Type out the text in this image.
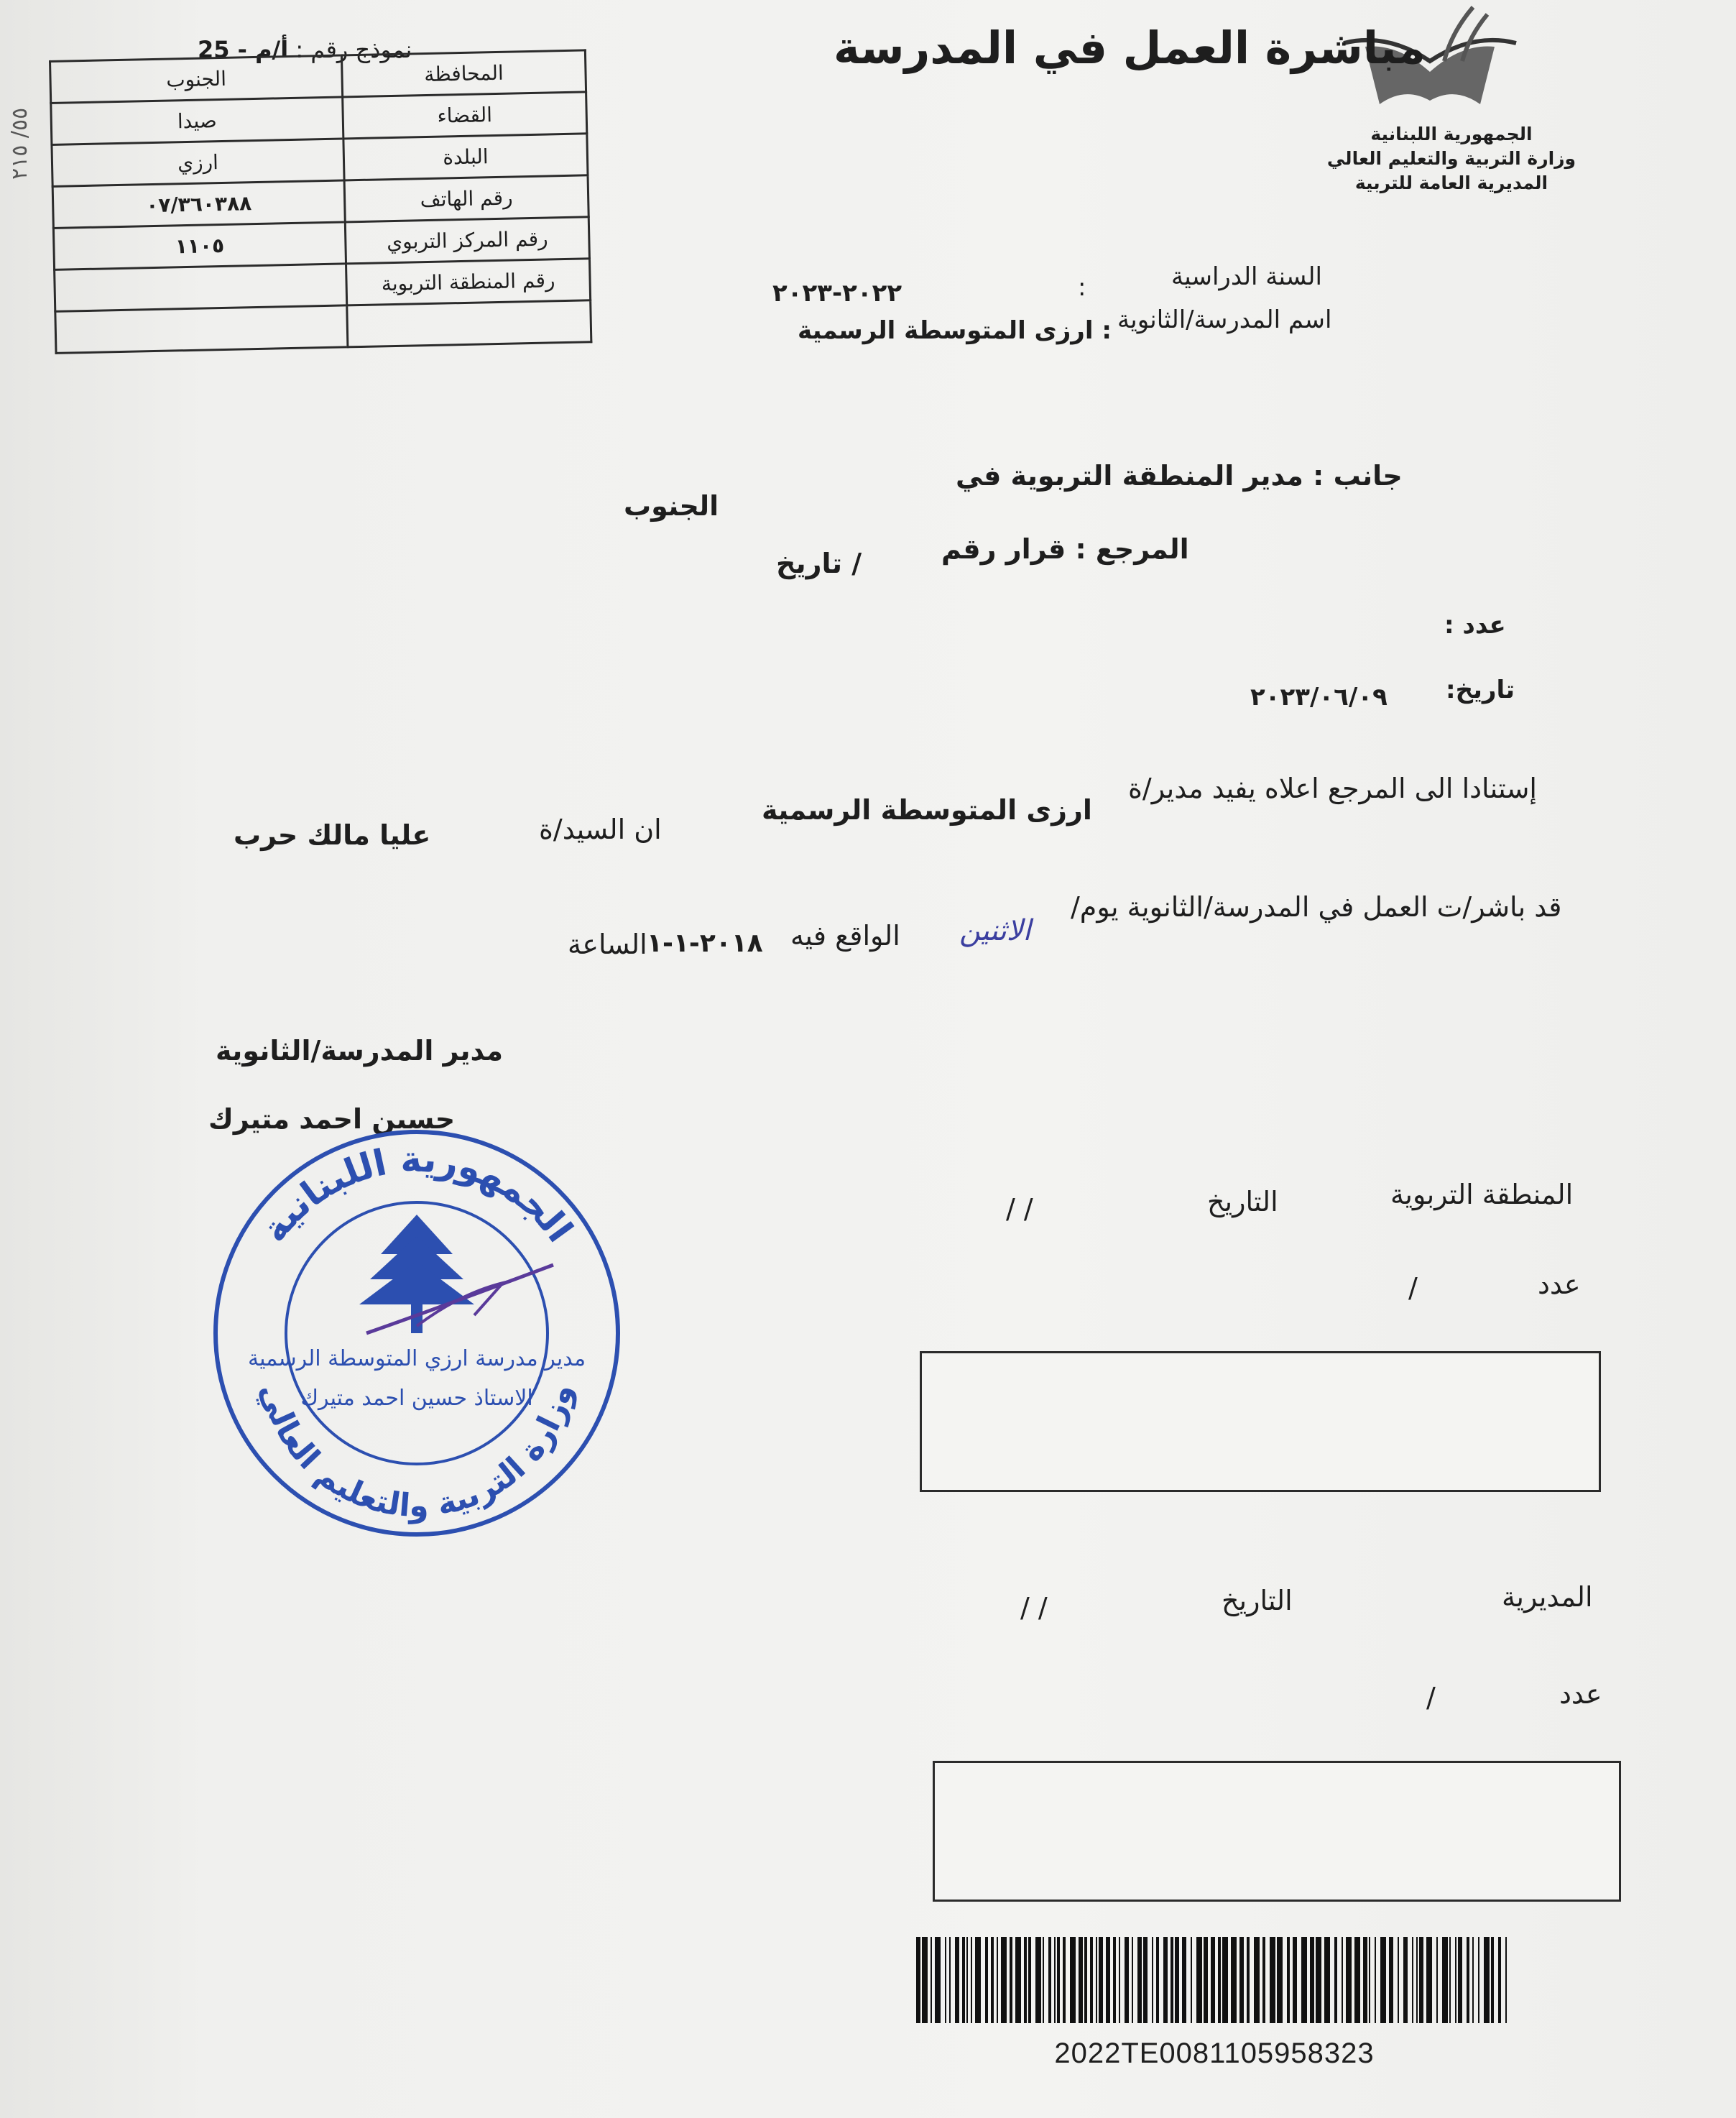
الجمهورية اللبنانية
وزارة التربية والتعليم العالي
المديرية العامة للتربية
مباشرة العمل في المدرسة
نموذج رقم : أ/م - 25
المحافظة	الجنوب
القضاء	صيدا
البلدة	ارزي
رقم الهاتف	٠٧/٣٦٠٣٨٨
رقم المركز التربوي	١١٠٥
رقم المنطقة التربوية	

٥٥/ ٢١٥
السنة الدراسية
:
٢٠٢٢-٢٠٢٣
اسم المدرسة/الثانوية
: ارزى المتوسطة الرسمية
جانب : مدير المنطقة التربوية في
الجنوب
المرجع : قرار رقم
/ تاريخ
عدد :
تاريخ:
٢٠٢٣/٠٦/٠٩
إستنادا الى المرجع اعلاه يفيد مدير/ة
ارزى المتوسطة الرسمية
ان السيد/ة
عليا مالك حرب
قد باشر/ت العمل في المدرسة/الثانوية يوم/
الاثنين
الواقع فيه
٢٠١٨-١-١
الساعة
مدير المدرسة/الثانوية
حسين احمد متيرك
الجمهورية اللبنانية
وزارة التربية والتعليم العالي
مدير مدرسة ارزي المتوسطة الرسمية
الاستاذ حسين احمد متيرك
المنطقة التربوية
التاريخ
/ /
عدد
/
المديرية
التاريخ
/ /
عدد
/
2022TE0081105958323
